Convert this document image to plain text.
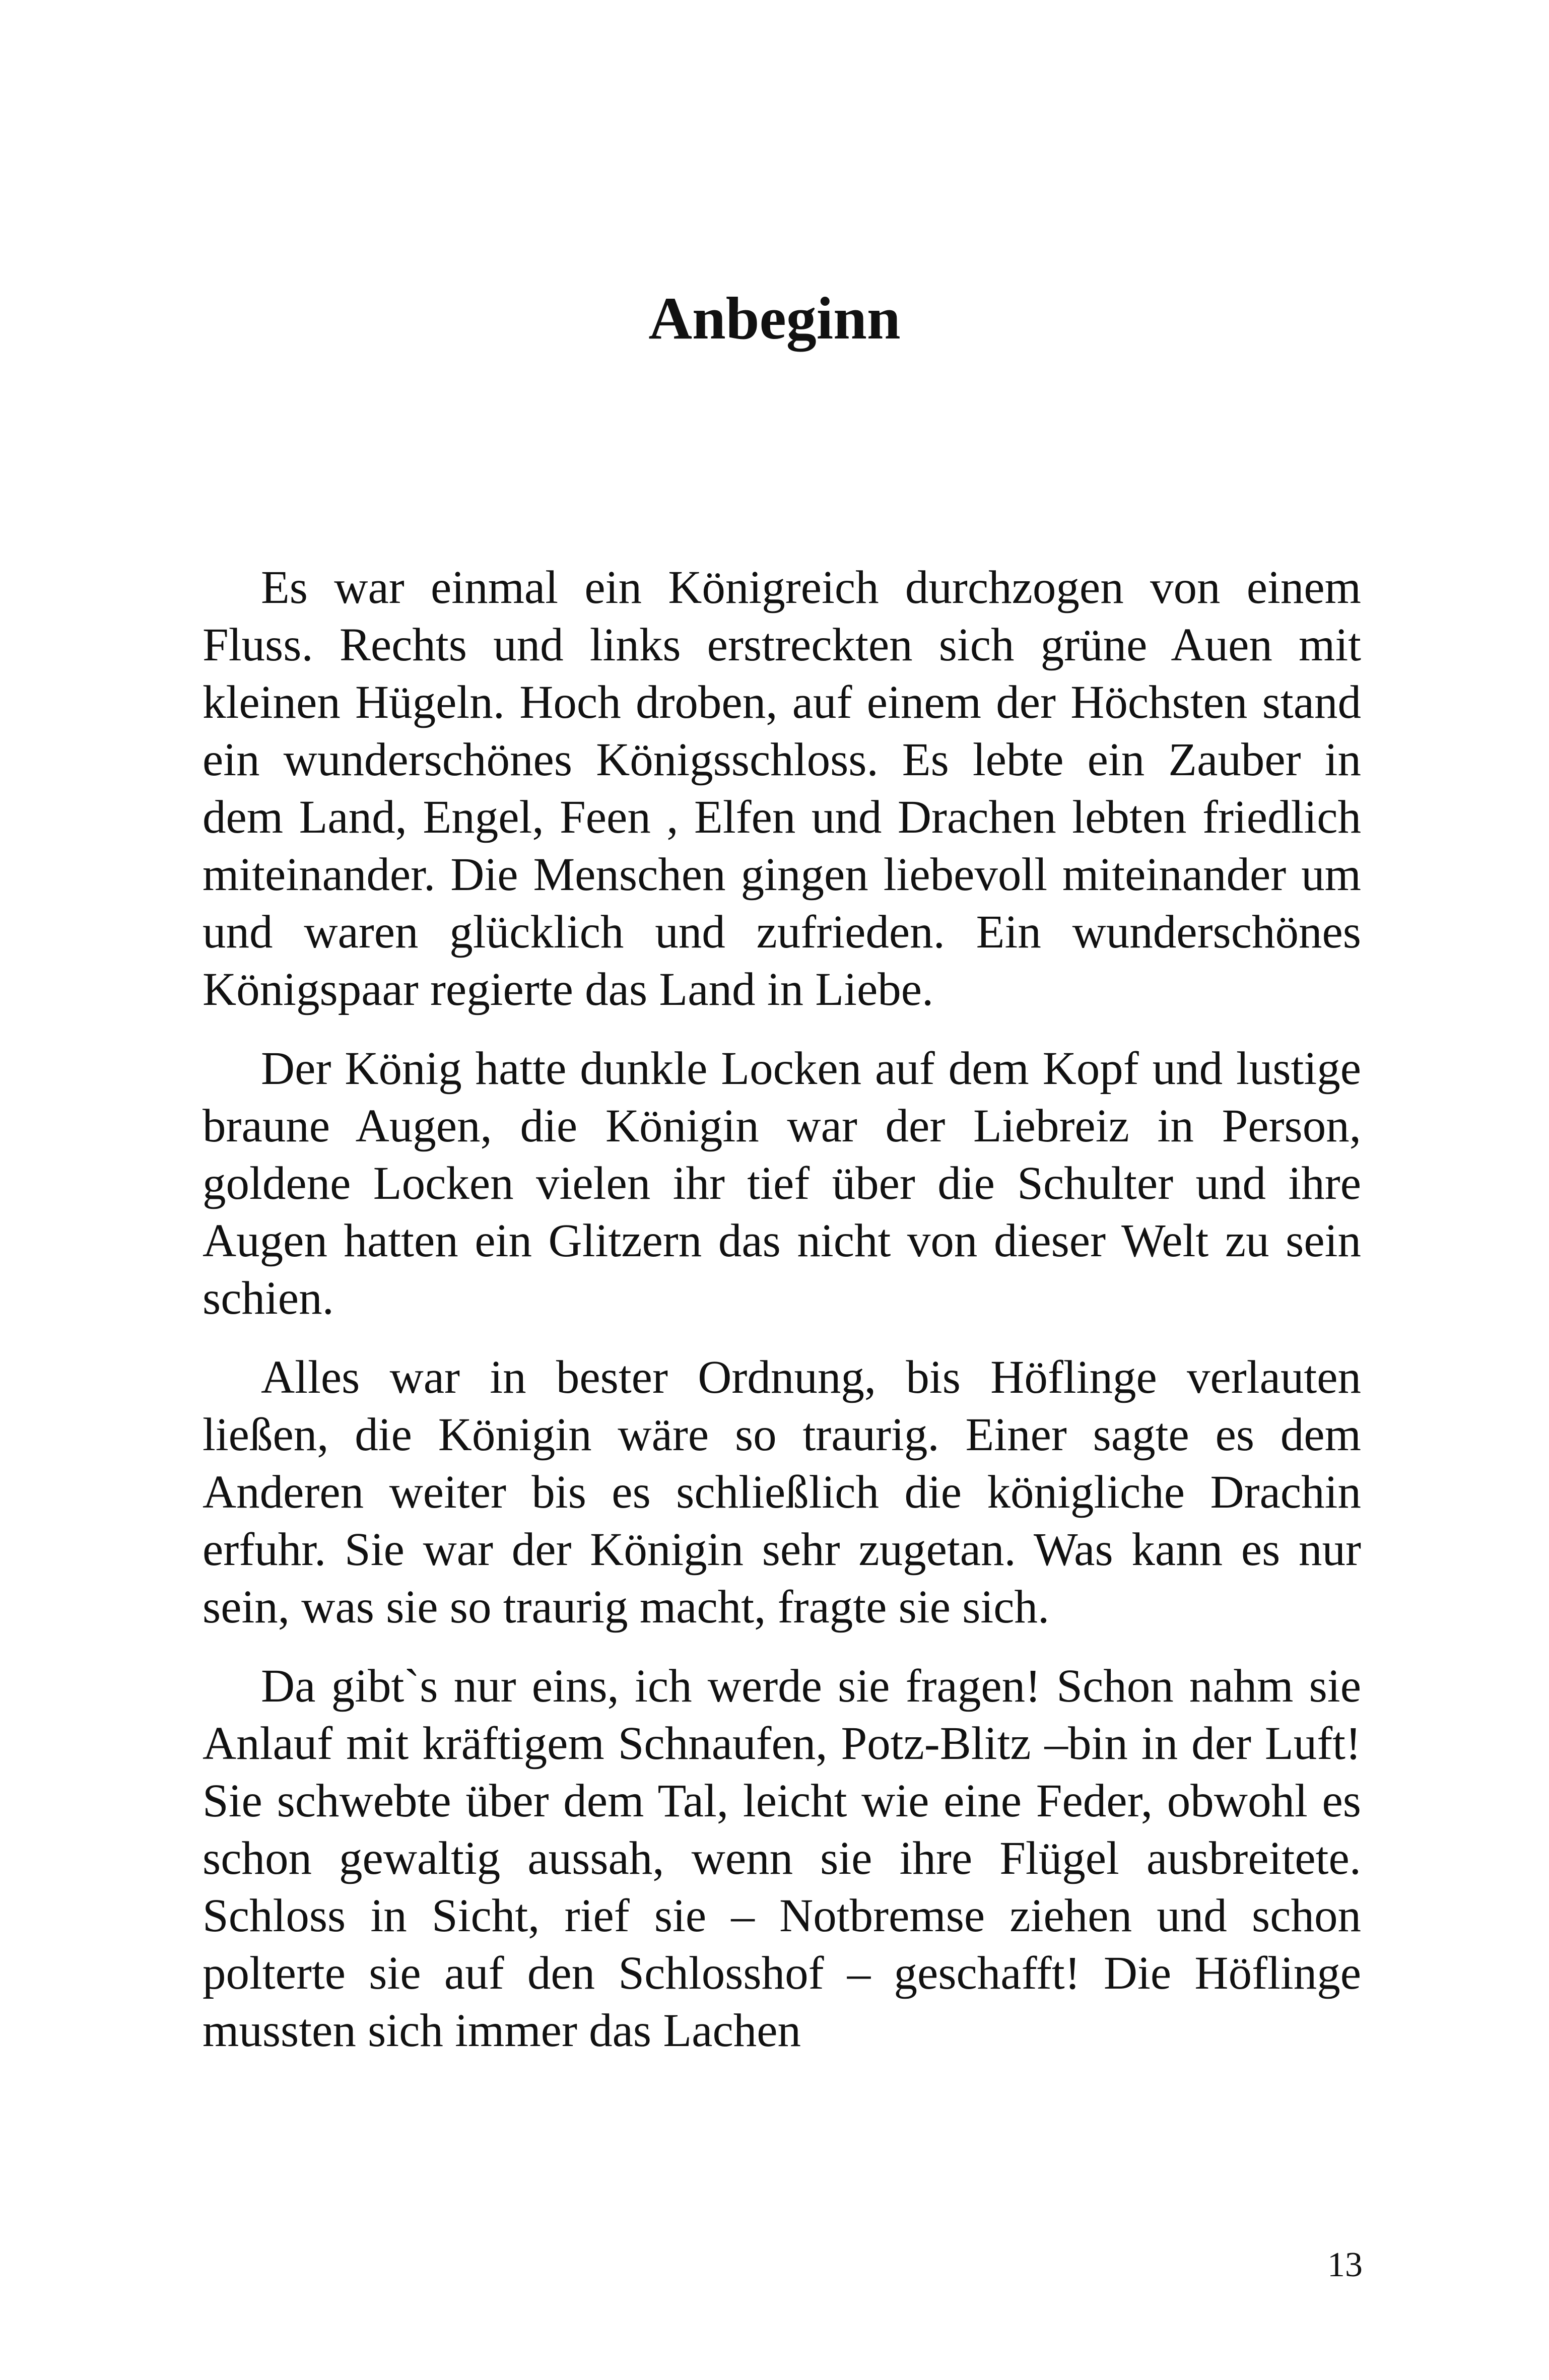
Anbeginn

Es war einmal ein Königreich durchzogen von einem Fluss. Rechts und links erstreckten sich grüne Auen mit kleinen Hügeln. Hoch droben, auf einem der Höchsten stand ein wunderschönes Königsschloss. Es lebte ein Zauber in dem Land, Engel, Feen , Elfen und Drachen lebten friedlich miteinander. Die Menschen gingen liebevoll miteinander um und waren glücklich und zufrieden. Ein wunderschönes Königspaar regierte das Land in Liebe.

Der König hatte dunkle Locken auf dem Kopf und lustige braune Augen, die Königin war der Liebreiz in Person, goldene Locken vielen ihr tief über die Schulter und ihre Augen hatten ein Glitzern das nicht von dieser Welt zu sein schien.

Alles war in bester Ordnung, bis Höflinge verlauten ließen, die Königin wäre so traurig. Einer sagte es dem Anderen weiter bis es schließlich die königliche Drachin erfuhr. Sie war der Königin sehr zugetan. Was kann es nur sein, was sie so traurig macht, fragte sie sich.

Da gibt`s nur eins, ich werde sie fragen! Schon nahm sie Anlauf mit kräftigem Schnaufen, Potz-Blitz –bin in der Luft! Sie schwebte über dem Tal, leicht wie eine Feder, obwohl es schon gewaltig aussah, wenn sie ihre Flügel ausbreitete. Schloss in Sicht, rief sie – Notbremse ziehen und schon polterte sie auf den Schlosshof – geschafft! Die Höflinge mussten sich immer das Lachen

13
